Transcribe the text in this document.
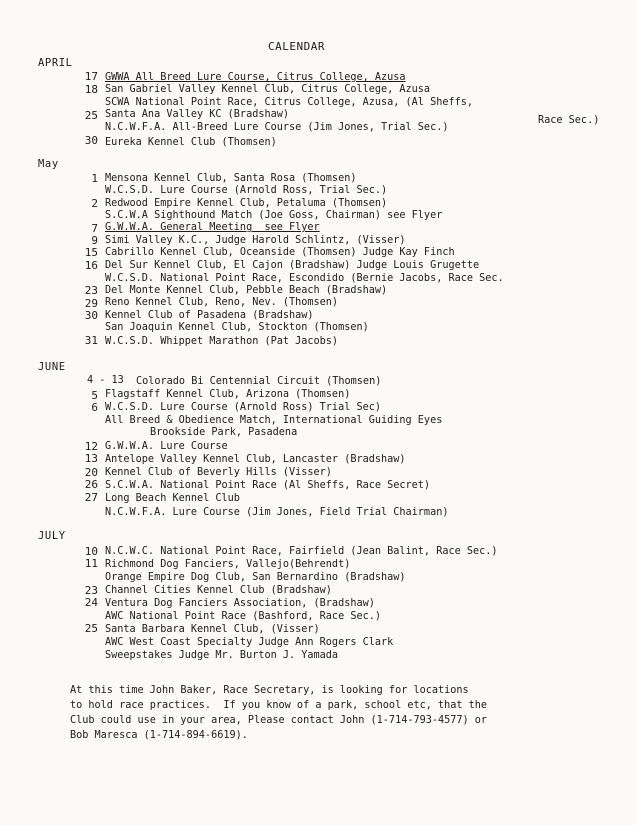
CALENDAR
APRIL
17 GWWA All Breed Lure Course, Citrus College, Azusa
18 San Gabriel Valley Kennel Club, Citrus College, Azusa
SCWA National Point Race, Citrus College, Azusa, (Al Sheffs,
25 Santa Ana Valley KC (Bradshaw)
Race Sec.)
N.C.W.F.A. All-Breed Lure Course (Jim Jones, Trial Sec.)
30 Eureka Kennel Club (Thomsen)
May
1 Mensona Kennel Club, Santa Rosa (Thomsen)
W.C.S.D. Lure Course (Arnold Ross, Trial Sec.)
2 Redwood Empire Kennel Club, Petaluma (Thomsen)
S.C.W.A Sighthound Match (Joe Goss, Chairman) see Flyer
7 G.W.W.A. General Meeting  see Flyer
9 Simi Valley K.C., Judge Harold Schlintz, (Visser)
15 Cabrillo Kennel Club, Oceanside (Thomsen) Judge Kay Finch
16 Del Sur Kennel Club, El Cajon (Bradshaw) Judge Louis Grugette
W.C.S.D. National Point Race, Escondido (Bernie Jacobs, Race Sec.
23 Del Monte Kennel Club, Pebble Beach (Bradshaw)
29 Reno Kennel Club, Reno, Nev. (Thomsen)
30 Kennel Club of Pasadena (Bradshaw)
San Joaquin Kennel Club, Stockton (Thomsen)
31 W.C.S.D. Whippet Marathon (Pat Jacobs)
JUNE
4 - 13 Colorado Bi Centennial Circuit (Thomsen)
5 Flagstaff Kennel Club, Arizona (Thomsen)
6 W.C.S.D. Lure Course (Arnold Ross) Trial Sec)
All Breed & Obedience Match, International Guiding Eyes
Brookside Park, Pasadena
12 G.W.W.A. Lure Course
13 Antelope Valley Kennel Club, Lancaster (Bradshaw)
20 Kennel Club of Beverly Hills (Visser)
26 S.C.W.A. National Point Race (Al Sheffs, Race Secret)
27 Long Beach Kennel Club
N.C.W.F.A. Lure Course (Jim Jones, Field Trial Chairman)
JULY
10 N.C.W.C. National Point Race, Fairfield (Jean Balint, Race Sec.)
11 Richmond Dog Fanciers, Vallejo(Behrendt)
Orange Empire Dog Club, San Bernardino (Bradshaw)
23 Channel Cities Kennel Club (Bradshaw)
24 Ventura Dog Fanciers Association, (Bradshaw)
AWC National Point Race (Bashford, Race Sec.)
25 Santa Barbara Kennel Club, (Visser)
AWC West Coast Specialty Judge Ann Rogers Clark
Sweepstakes Judge Mr. Burton J. Yamada
At this time John Baker, Race Secretary, is looking for locations
to hold race practices.  If you know of a park, school etc, that the
Club could use in your area, Please contact John (1-714-793-4577) or
Bob Maresca (1-714-894-6619).
